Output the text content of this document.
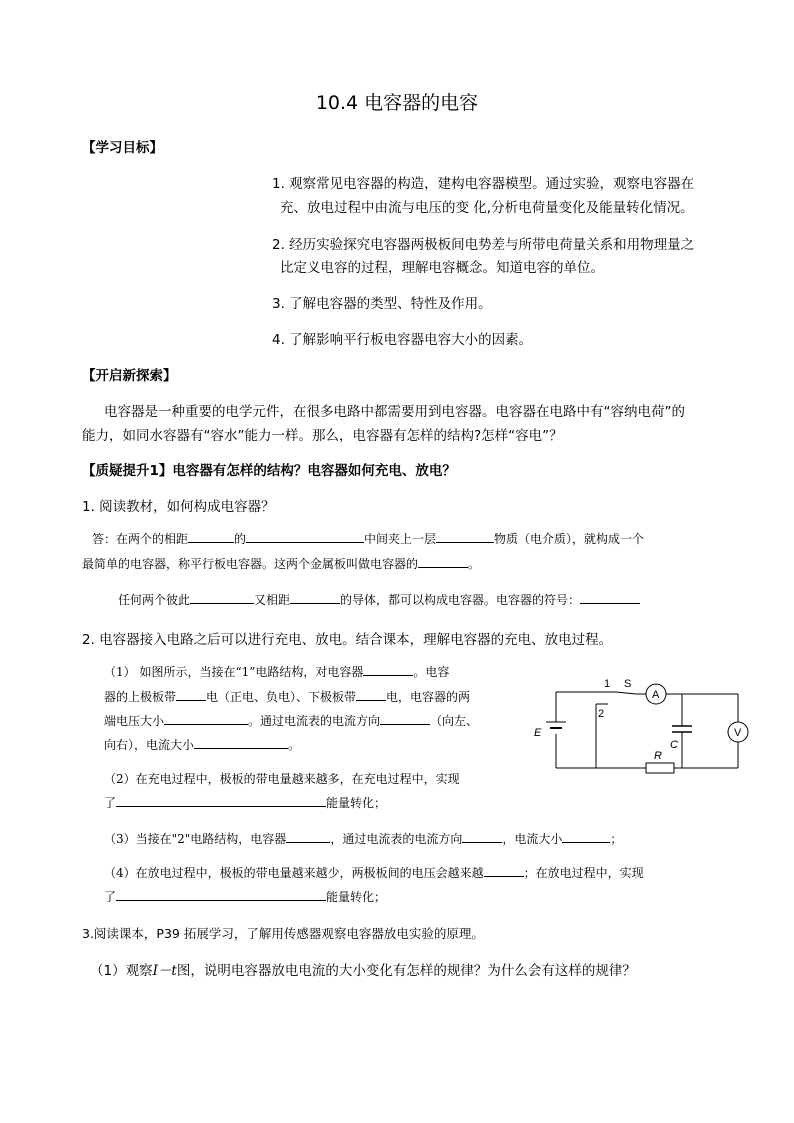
10.4 电容器的电容
【学习目标】
1. 观察常见电容器的构造，建构电容器模型。通过实验，观察电容器在
充、放电过程中由流与电压的变 化,分析电荷量变化及能量转化情况。
2. 经历实验探究电容器两极板间电势差与所带电荷量关系和用物理量之
比定义电容的过程，理解电容概念。知道电容的单位。
3. 了解电容器的类型、特性及作用。
4. 了解影响平行板电容器电容大小的因素。
【开启新探索】
电容器是一种重要的电学元件，在很多电路中都需要用到电容器。电容器在电路中有“容纳电荷”的
能力，如同水容器有“容水”能力一样。那么，电容器有怎样的结构?怎样“容电”？
【质疑提升1】电容器有怎样的结构？电容器如何充电、放电？
1. 阅读教材，如何构成电容器？
答：在两个的相距	的	中间夹上一层	物质（电介质），就构成一个
最简单的电容器，称平行板电容器。这两个金属板叫做电容器的	。
任何两个彼此	又相距	的导体，都可以构成电容器。电容器的符号：
2. 电容器接入电路之后可以进行充电、放电。结合课本，理解电容器的充电、放电过程。
（1） 如图所示，当接在“1”电路结构，对电容器	。电容
器的上极板带	电（正电、负电）、下极板带	电，电容器的两
端电压大小	。通过电流表的电流方向	（向左、
向右），电流大小	。
（2）在充电过程中，极板的带电量越来越多，在充电过程中，实现
了	能量转化；
（3）当接在"2"电路结构，电容器	，通过电流表的电流方向	，电流大小	；
（4）在放电过程中，极板的带电量越来越少，两极板间的电压会越来越	；在放电过程中，实现
了	能量转化；
1
2
S
A
V
E
R
C
3.阅读课本，P39 拓展学习，了解用传感器观察电容器放电实验的原理。
（1）观察I－t图，说明电容器放电电流的大小变化有怎样的规律？为什么会有这样的规律？
